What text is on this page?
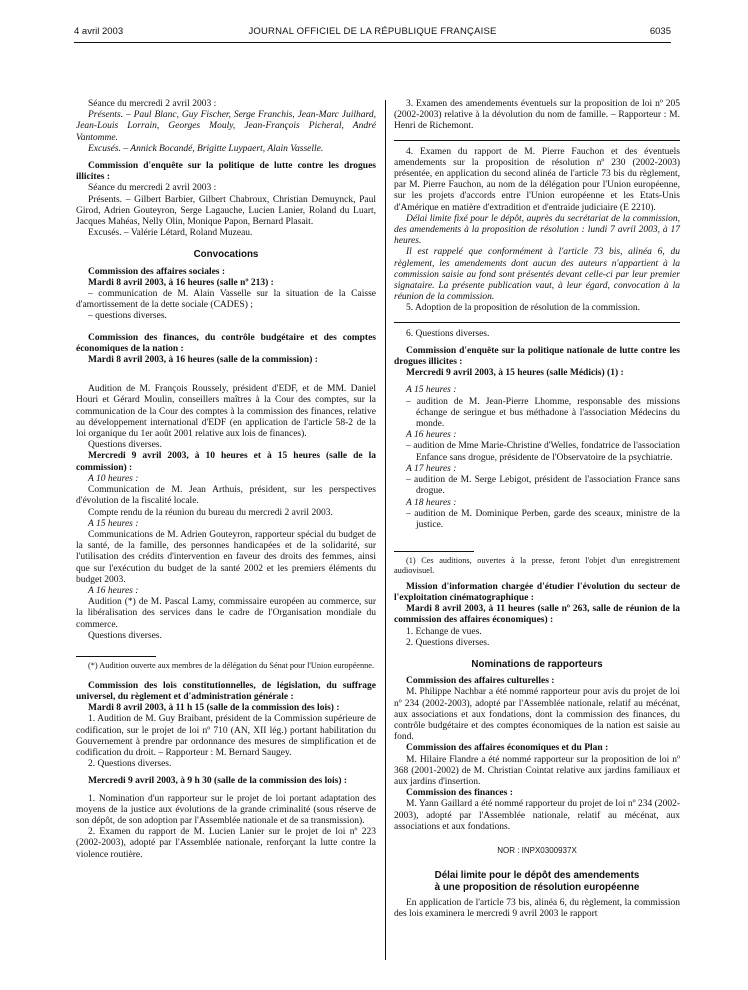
4 avril 2003	JOURNAL OFFICIEL DE LA RÉPUBLIQUE FRANÇAISE	6035

Séance du mercredi 2 avril 2003 :

Présents. – Paul Blanc, Guy Fischer, Serge Franchis, Jean-Marc Juilhard, Jean-Louis Lorrain, Georges Mouly, Jean-François Picheral, André Vantomme.

Excusés. – Annick Bocandé, Brigitte Luypaert, Alain Vasselle.

Commission d'enquête sur la politique de lutte contre les drogues illicites :

Séance du mercredi 2 avril 2003 :

Présents. – Gilbert Barbier, Gilbert Chabroux, Christian Demuynck, Paul Girod, Adrien Gouteyron, Serge Lagauche, Lucien Lanier, Roland du Luart, Jacques Mahéas, Nelly Olin, Monique Papon, Bernard Plasait.

Excusés. – Valérie Létard, Roland Muzeau.

Convocations

Commission des affaires sociales :

Mardi 8 avril 2003, à 16 heures (salle nº 213) :

– communication de M. Alain Vasselle sur la situation de la Caisse d'amortissement de la dette sociale (CADES) ;

– questions diverses.

Commission des finances, du contrôle budgétaire et des comptes économiques de la nation :

Mardi 8 avril 2003, à 16 heures (salle de la commission) :

Audition de M. François Roussely, président d'EDF, et de MM. Daniel Houri et Gérard Moulin, conseillers maîtres à la Cour des comptes, sur la communication de la Cour des comptes à la commission des finances, relative au développement international d'EDF (en application de l'article 58-2 de la loi organique du 1er août 2001 relative aux lois de finances).

Questions diverses.

Mercredi 9 avril 2003, à 10 heures et à 15 heures (salle de la commission) :

A 10 heures :

Communication de M. Jean Arthuis, président, sur les perspectives d'évolution de la fiscalité locale.

Compte rendu de la réunion du bureau du mercredi 2 avril 2003.

A 15 heures :

Communications de M. Adrien Gouteyron, rapporteur spécial du budget de la santé, de la famille, des personnes handicapées et de la solidarité, sur l'utilisation des crédits d'intervention en faveur des droits des femmes, ainsi que sur l'exécution du budget de la santé 2002 et les premiers éléments du budget 2003.

A 16 heures :

Audition (*) de M. Pascal Lamy, commissaire européen au commerce, sur la libéralisation des services dans le cadre de l'Organisation mondiale du commerce.

Questions diverses.

(*) Audition ouverte aux membres de la délégation du Sénat pour l'Union européenne.

Commission des lois constitutionnelles, de législation, du suffrage universel, du règlement et d'administration générale :

Mardi 8 avril 2003, à 11 h 15 (salle de la commission des lois) :

1. Audition de M. Guy Braibant, président de la Commission supérieure de codification, sur le projet de loi nº 710 (AN, XII lég.) portant habilitation du Gouvernement à prendre par ordonnance des mesures de simplification et de codification du droit. – Rapporteur : M. Bernard Saugey.

2. Questions diverses.

Mercredi 9 avril 2003, à 9 h 30 (salle de la commission des lois) :

1. Nomination d'un rapporteur sur le projet de loi portant adaptation des moyens de la justice aux évolutions de la grande criminalité (sous réserve de son dépôt, de son adoption par l'Assemblée nationale et de sa transmission).

2. Examen du rapport de M. Lucien Lanier sur le projet de loi nº 223 (2002-2003), adopté par l'Assemblée nationale, renforçant la lutte contre la violence routière.

3. Examen des amendements éventuels sur la proposition de loi nº 205 (2002-2003) relative à la dévolution du nom de famille. – Rapporteur : M. Henri de Richemont.

4. Examen du rapport de M. Pierre Fauchon et des éventuels amendements sur la proposition de résolution nº 230 (2002-2003) présentée, en application du second alinéa de l'article 73 bis du règlement, par M. Pierre Fauchon, au nom de la délégation pour l'Union européenne, sur les projets d'accords entre l'Union européenne et les Etats-Unis d'Amérique en matière d'extradition et d'entraide judiciaire (E 2210).

Délai limite fixé pour le dépôt, auprès du secrétariat de la commission, des amendements à la proposition de résolution : lundi 7 avril 2003, à 17 heures.

Il est rappelé que conformément à l'article 73 bis, alinéa 6, du règlement, les amendements dont aucun des auteurs n'appartient à la commission saisie au fond sont présentés devant celle-ci par leur premier signataire. La présente publication vaut, à leur égard, convocation à la réunion de la commission.

5. Adoption de la proposition de résolution de la commission.

6. Questions diverses.

Commission d'enquête sur la politique nationale de lutte contre les drogues illicites :

Mercredi 9 avril 2003, à 15 heures (salle Médicis) (1) :

A 15 heures :

– audition de M. Jean-Pierre Lhomme, responsable des missions échange de seringue et bus méthadone à l'association Médecins du monde.

A 16 heures :

– audition de Mme Marie-Christine d'Welles, fondatrice de l'association Enfance sans drogue, présidente de l'Observatoire de la psychiatrie.

A 17 heures :

– audition de M. Serge Lebigot, président de l'association France sans drogue.

A 18 heures :

– audition de M. Dominique Perben, garde des sceaux, ministre de la justice.

(1) Ces auditions, ouvertes à la presse, feront l'objet d'un enregistrement audiovisuel.

Mission d'information chargée d'étudier l'évolution du secteur de l'exploitation cinématographique :

Mardi 8 avril 2003, à 11 heures (salle nº 263, salle de réunion de la commission des affaires économiques) :

1. Echange de vues.

2. Questions diverses.

Nominations de rapporteurs

Commission des affaires culturelles :

M. Philippe Nachbar a été nommé rapporteur pour avis du projet de loi nº 234 (2002-2003), adopté par l'Assemblée nationale, relatif au mécénat, aux associations et aux fondations, dont la commission des finances, du contrôle budgétaire et des comptes économiques de la nation est saisie au fond.

Commission des affaires économiques et du Plan :

M. Hilaire Flandre a été nommé rapporteur sur la proposition de loi nº 368 (2001-2002) de M. Christian Cointat relative aux jardins familiaux et aux jardins d'insertion.

Commission des finances :

M. Yann Gaillard a été nommé rapporteur du projet de loi nº 234 (2002-2003), adopté par l'Assemblée nationale, relatif au mécénat, aux associations et aux fondations.

NOR : INPX0300937X
Délai limite pour le dépôt des amendements
à une proposition de résolution européenne

En application de l'article 73 bis, alinéa 6, du règlement, la commission des lois examinera le mercredi 9 avril 2003 le rapport
